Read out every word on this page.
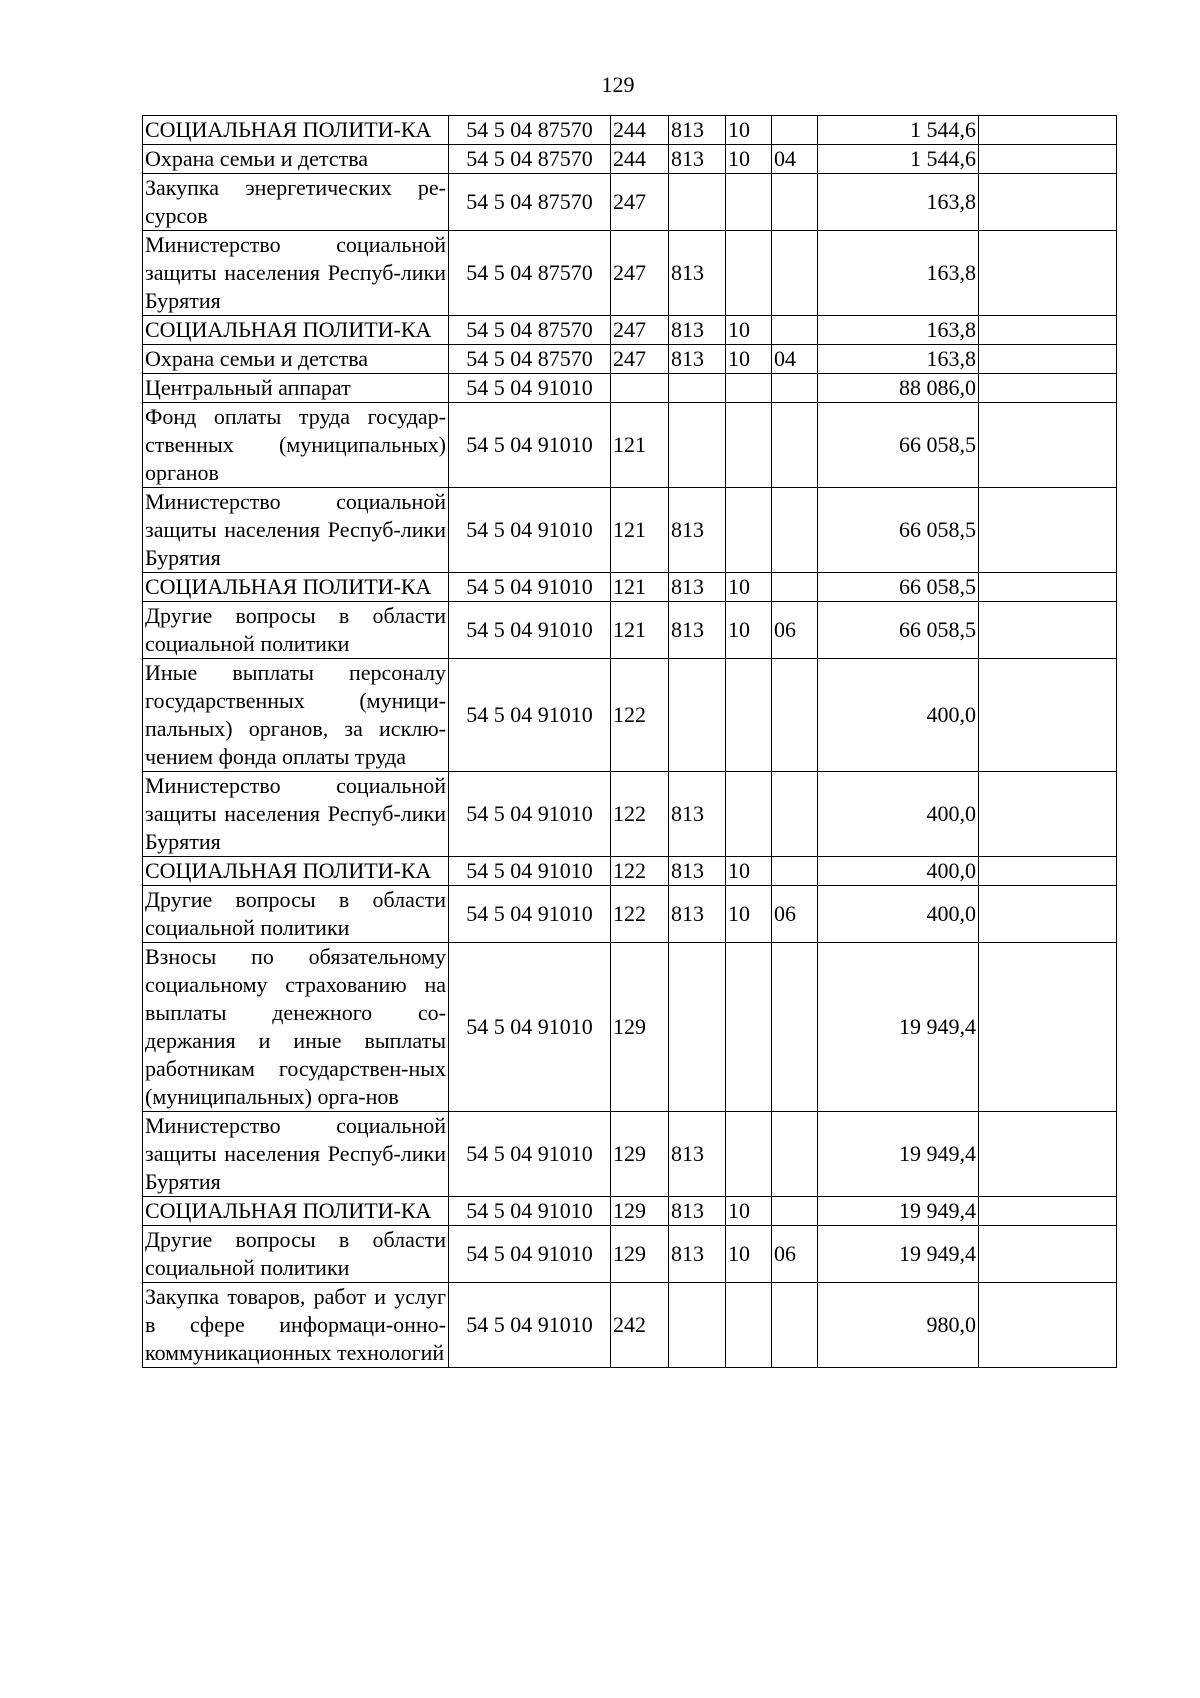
129
СОЦИАЛЬНАЯ ПОЛИТИ-КА	54 5 04 87570	244	813	10		1 544,6	
Охрана семьи и детства	54 5 04 87570	244	813	10	04	1 544,6	
Закупка энергетических ре-сурсов	54 5 04 87570	247				163,8	
Министерство социальной защиты населения Респуб-лики Бурятия	54 5 04 87570	247	813			163,8	
СОЦИАЛЬНАЯ ПОЛИТИ-КА	54 5 04 87570	247	813	10		163,8	
Охрана семьи и детства	54 5 04 87570	247	813	10	04	163,8	
Центральный аппарат	54 5 04 91010					88 086,0	
Фонд оплаты труда государ-ственных (муниципальных) органов	54 5 04 91010	121				66 058,5	
Министерство социальной защиты населения Респуб-лики Бурятия	54 5 04 91010	121	813			66 058,5	
СОЦИАЛЬНАЯ ПОЛИТИ-КА	54 5 04 91010	121	813	10		66 058,5	
Другие вопросы в области социальной политики	54 5 04 91010	121	813	10	06	66 058,5	
Иные выплаты персоналу государственных (муници-пальных) органов, за исклю-чением фонда оплаты труда	54 5 04 91010	122				400,0	
Министерство социальной защиты населения Респуб-лики Бурятия	54 5 04 91010	122	813			400,0	
СОЦИАЛЬНАЯ ПОЛИТИ-КА	54 5 04 91010	122	813	10		400,0	
Другие вопросы в области социальной политики	54 5 04 91010	122	813	10	06	400,0	
Взносы по обязательному социальному страхованию на выплаты денежного со-держания и иные выплаты работникам государствен-ных (муниципальных) орга-нов	54 5 04 91010	129				19 949,4	
Министерство социальной защиты населения Респуб-лики Бурятия	54 5 04 91010	129	813			19 949,4	
СОЦИАЛЬНАЯ ПОЛИТИ-КА	54 5 04 91010	129	813	10		19 949,4	
Другие вопросы в области социальной политики	54 5 04 91010	129	813	10	06	19 949,4	
Закупка товаров, работ и услуг в сфере информаци-онно-коммуникационных технологий	54 5 04 91010	242				980,0	
